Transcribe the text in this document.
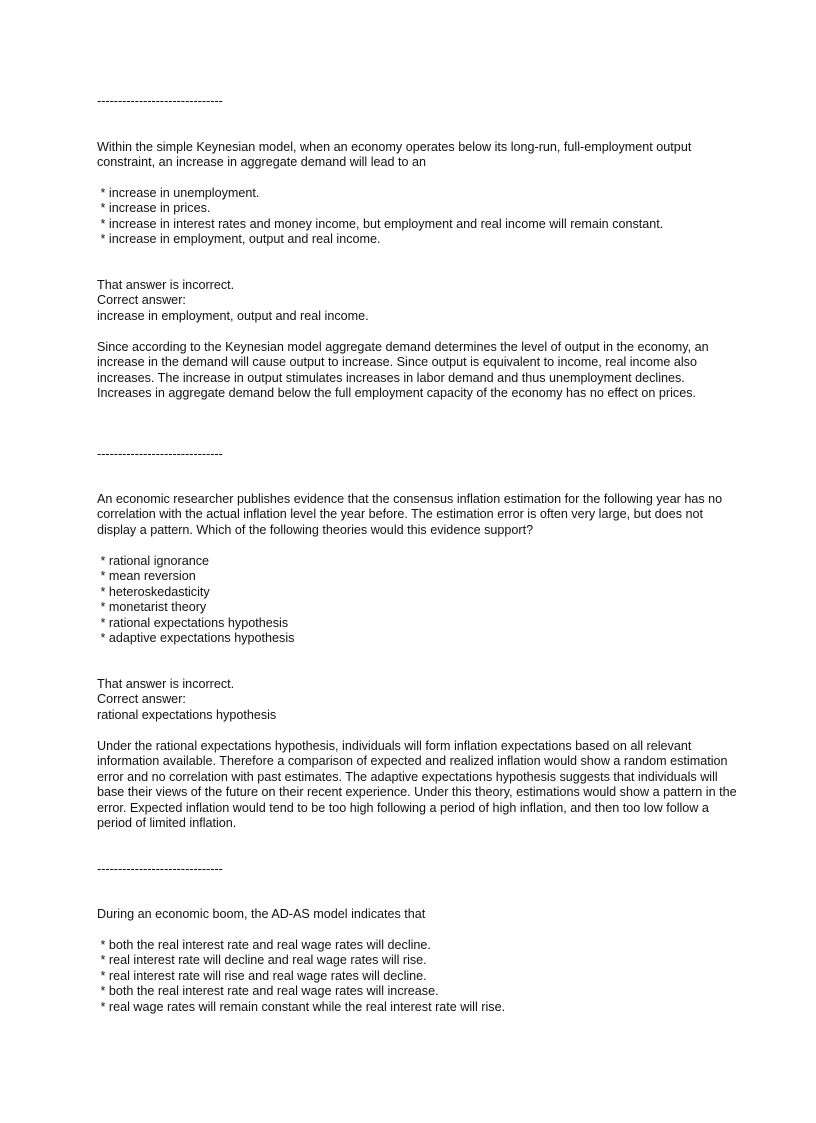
------------------------------
Within the simple Keynesian model, when an economy operates below its long-run, full-employment output constraint, an increase in aggregate demand will lead to an
* increase in unemployment.
* increase in prices.
* increase in interest rates and money income, but employment and real income will remain constant.
* increase in employment, output and real income.
That answer is incorrect.
Correct answer:
increase in employment, output and real income.
Since according to the Keynesian model aggregate demand determines the level of output in the economy, an increase in the demand will cause output to increase. Since output is equivalent to income, real income also increases. The increase in output stimulates increases in labor demand and thus unemployment declines. Increases in aggregate demand below the full employment capacity of the economy has no effect on prices.
------------------------------
An economic researcher publishes evidence that the consensus inflation estimation for the following year has no correlation with the actual inflation level the year before. The estimation error is often very large, but does not display a pattern. Which of the following theories would this evidence support?
* rational ignorance
* mean reversion
* heteroskedasticity
* monetarist theory
* rational expectations hypothesis
* adaptive expectations hypothesis
That answer is incorrect.
Correct answer:
rational expectations hypothesis
Under the rational expectations hypothesis, individuals will form inflation expectations based on all relevant information available. Therefore a comparison of expected and realized inflation would show a random estimation error and no correlation with past estimates. The adaptive expectations hypothesis suggests that individuals will base their views of the future on their recent experience. Under this theory, estimations would show a pattern in the error. Expected inflation would tend to be too high following a period of high inflation, and then too low follow a period of limited inflation.
------------------------------
During an economic boom, the AD-AS model indicates that
* both the real interest rate and real wage rates will decline.
* real interest rate will decline and real wage rates will rise.
* real interest rate will rise and real wage rates will decline.
* both the real interest rate and real wage rates will increase.
* real wage rates will remain constant while the real interest rate will rise.
